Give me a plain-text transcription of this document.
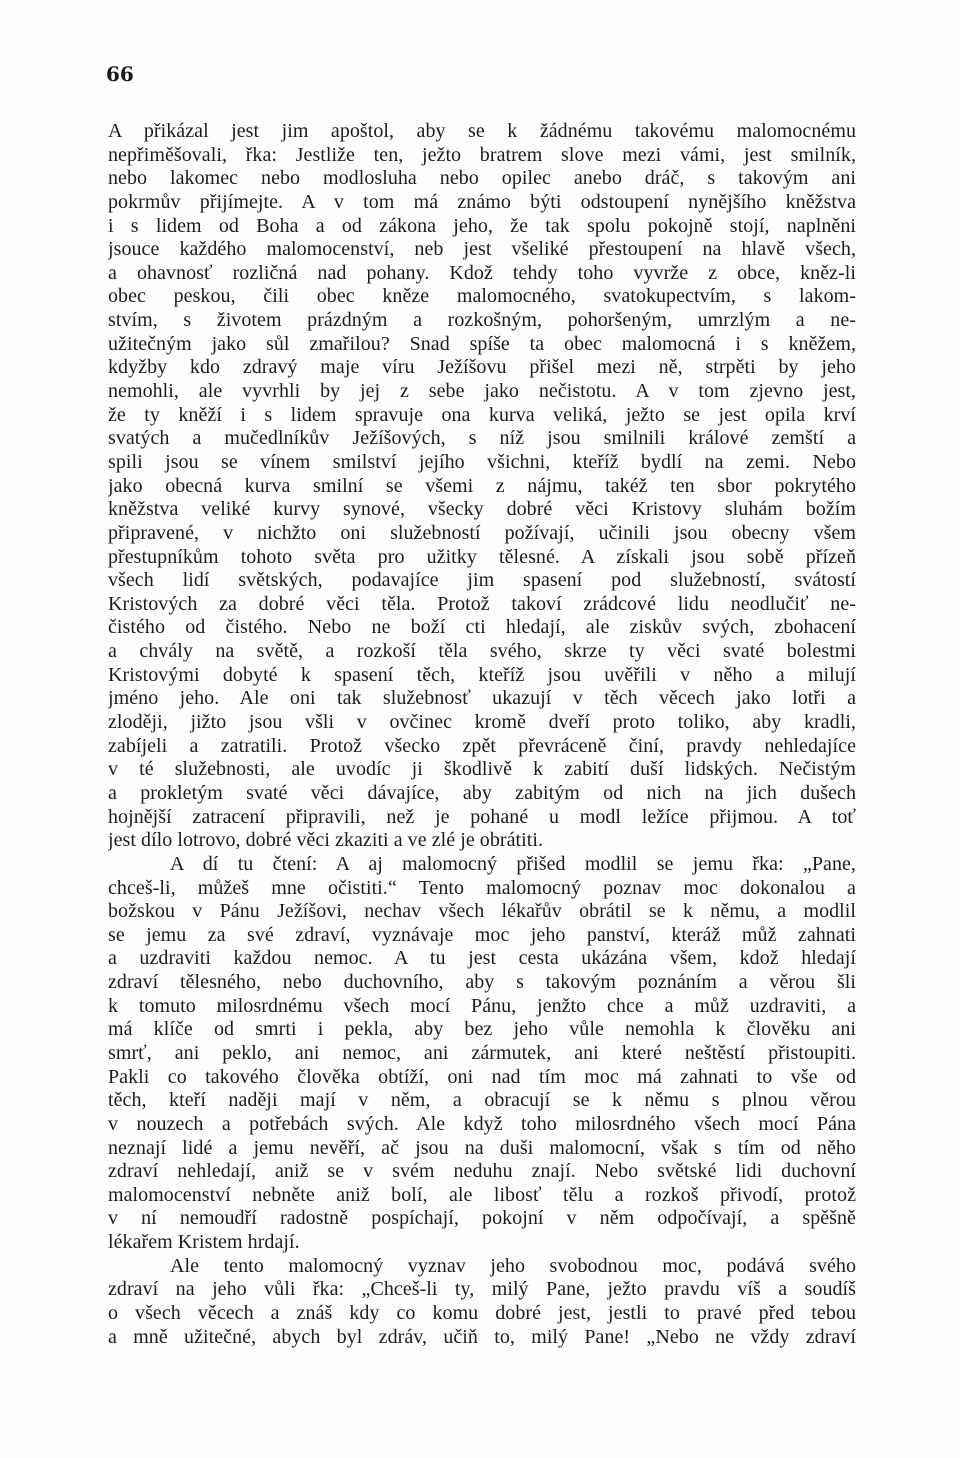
66
A přikázal jest jim apoštol, aby se k žádnému takovému malomocnému
nepřiměšovali, řka: Jestliže ten, ježto bratrem slove mezi vámi, jest smilník,
nebo lakomec nebo modlosluha nebo opilec anebo dráč, s takovým ani
pokrmův přijímejte. A v tom má známo býti odstoupení nynějšího kněžstva
i s lidem od Boha a od zákona jeho, že tak spolu pokojně stojí, naplněni
jsouce každého malomocenství, neb jest všeliké přestoupení na hlavě všech,
a ohavnosť rozličná nad pohany. Kdož tehdy toho vyvrže z obce, kněz-li
obec peskou, čili obec kněze malomocného, svatokupectvím, s lakom-
stvím, s životem prázdným a rozkošným, pohoršeným, umrzlým a ne-
užitečným jako sůl zmařilou? Snad spíše ta obec malomocná i s kněžem,
kdyžby kdo zdravý maje víru Ježíšovu přišel mezi ně, strpěti by jeho
nemohli, ale vyvrhli by jej z sebe jako nečistotu. A v tom zjevno jest,
že ty kněží i s lidem spravuje ona kurva veliká, ježto se jest opila krví
svatých a mučedlníkův Ježíšových, s níž jsou smilnili králové zemští a
spili jsou se vínem smilství jejího všichni, kteříž bydlí na zemi. Nebo
jako obecná kurva smilní se všemi z nájmu, takéž ten sbor pokrytého
kněžstva veliké kurvy synové, všecky dobré věci Kristovy sluhám božím
připravené, v nichžto oni služebností požívají, učinili jsou obecny všem
přestupníkům tohoto světa pro užitky tělesné. A získali jsou sobě přízeň
všech lidí světských, podavajíce jim spasení pod služebností, svátostí
Kristových za dobré věci těla. Protož takoví zrádcové lidu neodlučiť ne-
čistého od čistého. Nebo ne boží cti hledají, ale ziskův svých, zbohacení
a chvály na světě, a rozkoší těla svého, skrze ty věci svaté bolestmi
Kristovými dobyté k spasení těch, kteříž jsou uvěřili v něho a milují
jméno jeho. Ale oni tak služebnosť ukazují v těch věcech jako lotři a
zloději, jižto jsou všli v ovčinec kromě dveří proto toliko, aby kradli,
zabíjeli a zatratili. Protož všecko zpět převráceně činí, pravdy nehledajíce
v té služebnosti, ale uvodíc ji škodlivě k zabití duší lidských. Nečistým
a prokletým svaté věci dávajíce, aby zabitým od nich na jich dušech
hojnější zatracení připravili, než je pohané u modl ležíce přijmou. A toť
jest dílo lotrovo, dobré věci zkaziti a ve zlé je obrátiti.
A dí tu čtení: A aj malomocný přišed modlil se jemu řka: „Pane,
chceš-li, můžeš mne očistiti.“ Tento malomocný poznav moc dokonalou a
božskou v Pánu Ježíšovi, nechav všech lékařův obrátil se k němu, a modlil
se jemu za své zdraví, vyznávaje moc jeho panství, kteráž můž zahnati
a uzdraviti každou nemoc. A tu jest cesta ukázána všem, kdož hledají
zdraví tělesného, nebo duchovního, aby s takovým poznáním a věrou šli
k tomuto milosrdnému všech mocí Pánu, jenžto chce a můž uzdraviti, a
má klíče od smrti i pekla, aby bez jeho vůle nemohla k člověku ani
smrť, ani peklo, ani nemoc, ani zármutek, ani které neštěstí přistoupiti.
Pakli co takového člověka obtíží, oni nad tím moc má zahnati to vše od
těch, kteří naději mají v něm, a obracují se k němu s plnou věrou
v nouzech a potřebách svých. Ale když toho milosrdného všech mocí Pána
neznají lidé a jemu nevěří, ač jsou na duši malomocní, však s tím od něho
zdraví nehledají, aniž se v svém neduhu znají. Nebo světské lidi duchovní
malomocenství nebněte aniž bolí, ale libosť tělu a rozkoš přivodí, protož
v ní nemoudří radostně pospíchají, pokojní v něm odpočívají, a spěšně
lékařem Kristem hrdají.
Ale tento malomocný vyznav jeho svobodnou moc, podává svého
zdraví na jeho vůli řka: „Chceš-li ty, milý Pane, ježto pravdu víš a soudíš
o všech věcech a znáš kdy co komu dobré jest, jestli to pravé před tebou
a mně užitečné, abych byl zdráv, učiň to, milý Pane! „Nebo ne vždy zdraví
